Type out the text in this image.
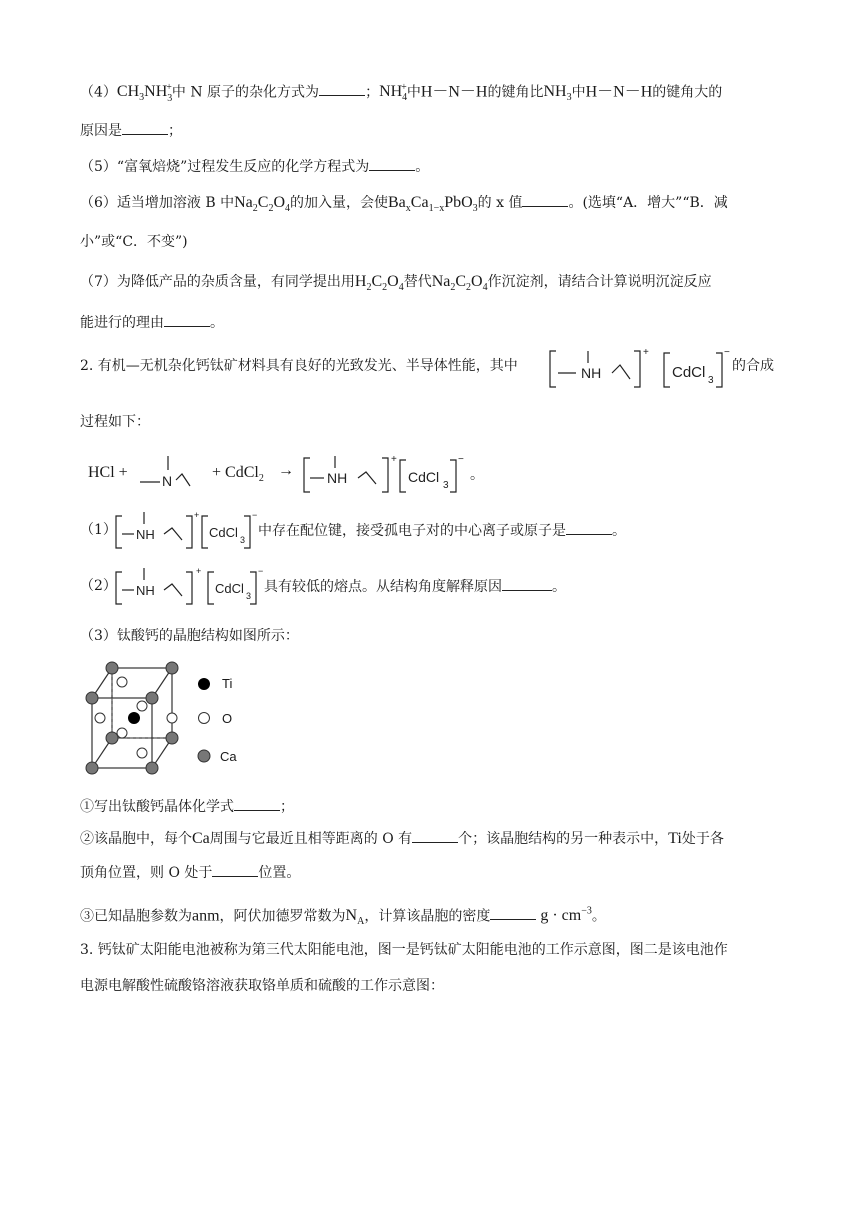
$(4)CH_3NH_3^+$中 N 原子的杂化方式为	；$NH_4^+$中H－N－H的键角比$NH_3$中H－N－H的键角大的
原因是	；
（5）“富氧焙烧”过程发生反应的化学方程式为	。
（6）适当增加溶液 B 中$Na_2C_2O_4$的加入量，会使$Ba_xCa_{1-x}PbO_3$的 x 值	。(选填“A．增大”“B．减
小”或“C．不变”)
（7）为降低产品的杂质含量，有同学提出用$H_2C_2O_4$替代$Na_2C_2O_4$作沉淀剂，请结合计算说明沉淀反应
能进行的理由	。
2. 有机—无机杂化钙钛矿材料具有良好的光致发光、半导体性能，其中	NH
+
CdCl 3
−
的合成
过程如下：
HCl + N + CdCl$_2$ → NH
+
CdCl
3
−
。
（1） NH
+
CdCl 3
−
中存在配位键，接受孤电子对的中心离子或原子是	。
（2） NH
+
CdCl 3
−
具有较低的熔点。从结构角度解释原因	。
（3）钛酸钙的晶胞结构如图所示：
Ti
O
Ca
①写出钛酸钙晶体化学式	；
②该晶胞中，每个Ca周围与它最近且相等距离的 O 有	个；该晶胞结构的另一种表示中，Ti处于各
顶角位置，则 O 处于	位置。
③已知晶胞参数为anm，阿伏加德罗常数为$N_A$，计算该晶胞的密度	$g \cdot cm^{-3}$。
3. 钙钛矿太阳能电池被称为第三代太阳能电池，图一是钙钛矿太阳能电池的工作示意图，图二是该电池作
电源电解酸性硫酸铬溶液获取铬单质和硫酸的工作示意图：
